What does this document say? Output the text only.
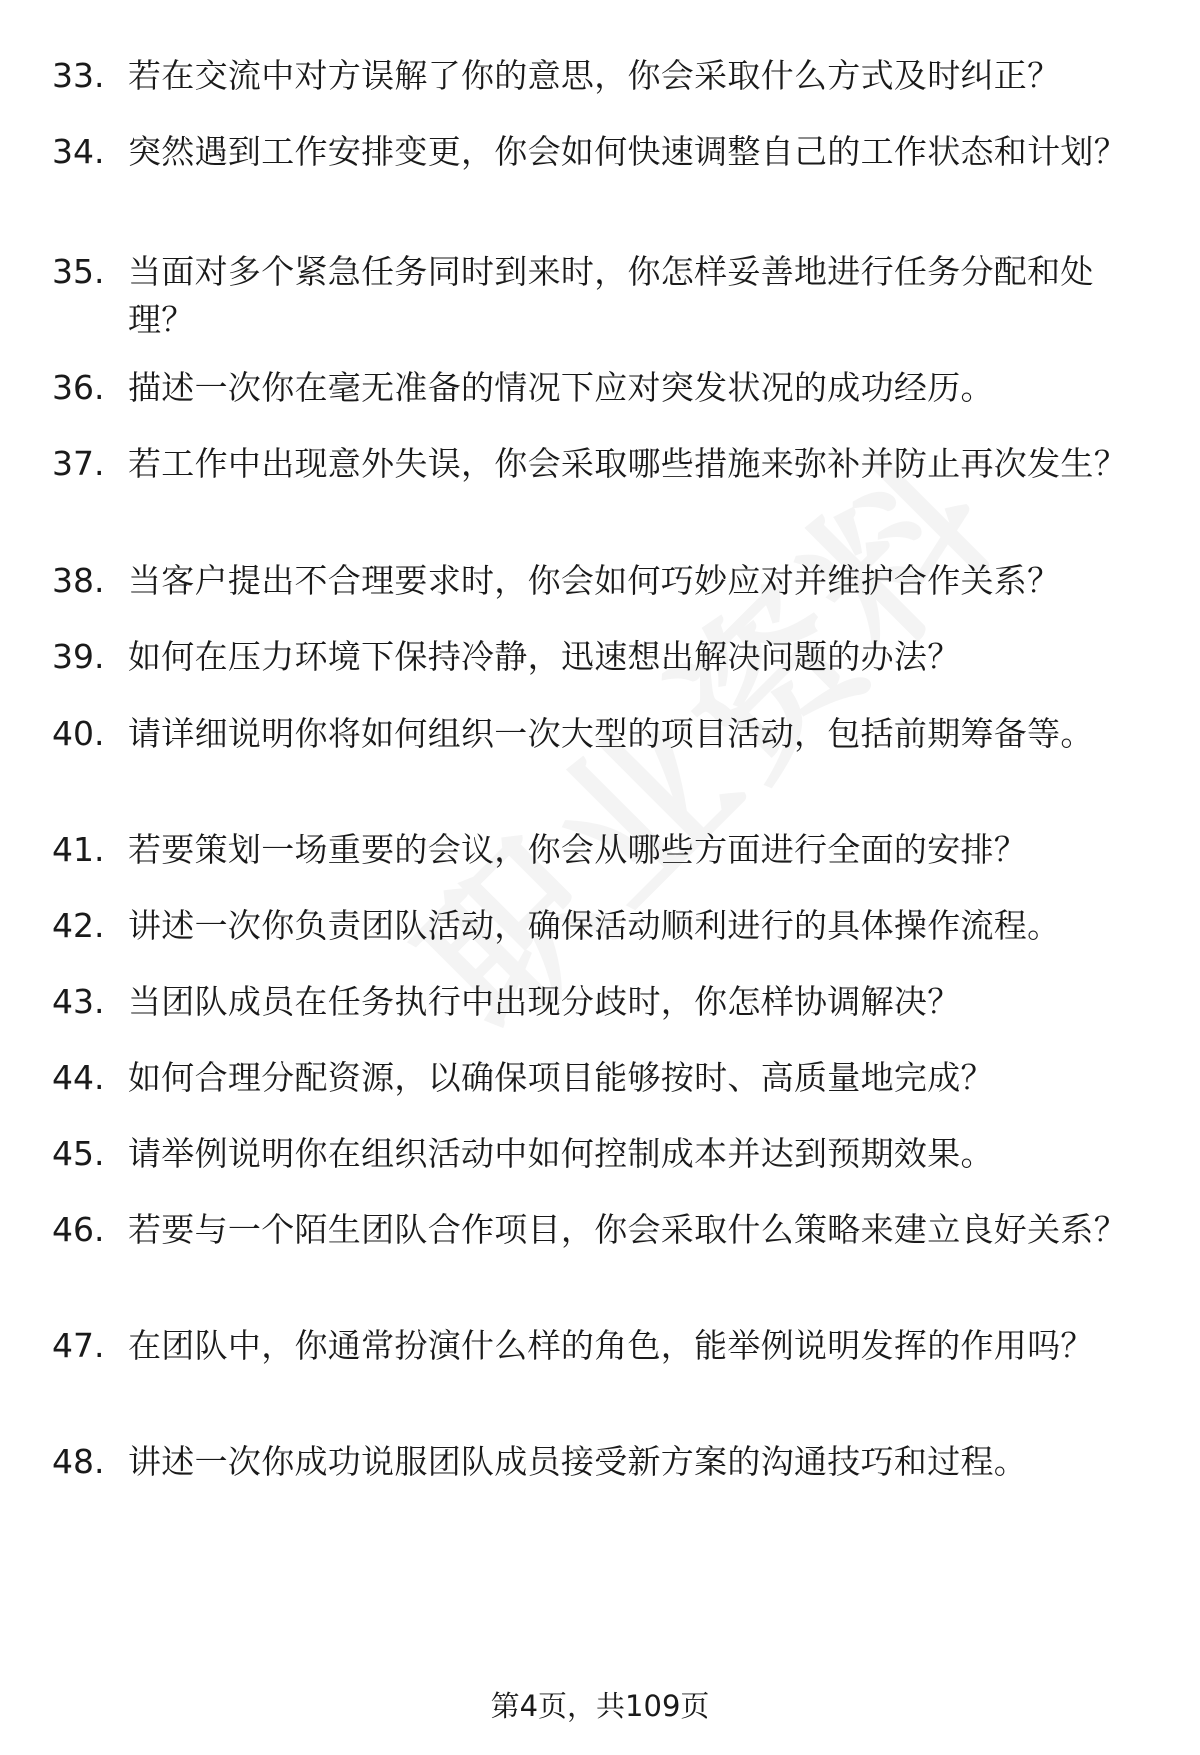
33. 若在交流中对方误解了你的意思，你会采取什么方式及时纠正？
34. 突然遇到工作安排变更，你会如何快速调整自己的工作状态和计划？
35. 当面对多个紧急任务同时到来时，你怎样妥善地进行任务分配和处理？
36. 描述一次你在毫无准备的情况下应对突发状况的成功经历。
37. 若工作中出现意外失误，你会采取哪些措施来弥补并防止再次发生？
38. 当客户提出不合理要求时，你会如何巧妙应对并维护合作关系？
39. 如何在压力环境下保持冷静，迅速想出解决问题的办法？
40. 请详细说明你将如何组织一次大型的项目活动，包括前期筹备等。
41. 若要策划一场重要的会议，你会从哪些方面进行全面的安排？
42. 讲述一次你负责团队活动，确保活动顺利进行的具体操作流程。
43. 当团队成员在任务执行中出现分歧时，你怎样协调解决？
44. 如何合理分配资源，以确保项目能够按时、高质量地完成？
45. 请举例说明你在组织活动中如何控制成本并达到预期效果。
46. 若要与一个陌生团队合作项目，你会采取什么策略来建立良好关系？
47. 在团队中，你通常扮演什么样的角色，能举例说明发挥的作用吗？
48. 讲述一次你成功说服团队成员接受新方案的沟通技巧和过程。
第4页，共109页
